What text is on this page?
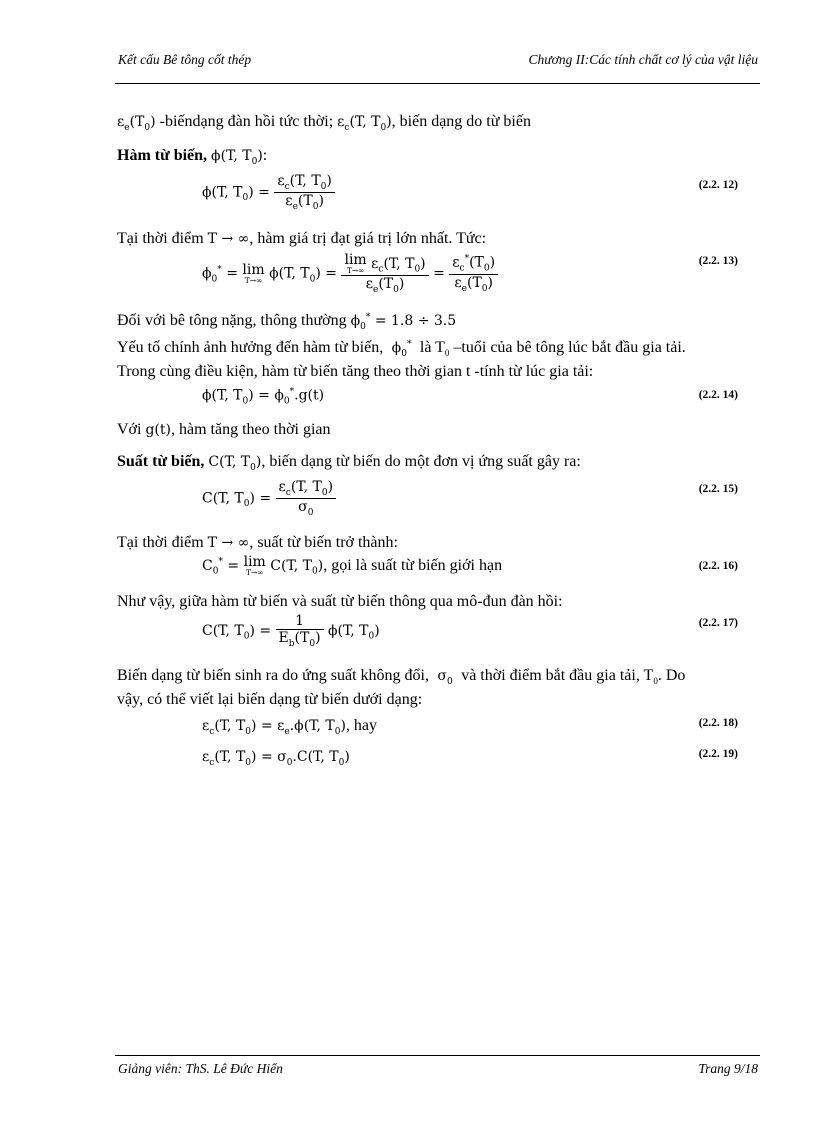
Kết cấu Bê tông cốt thép	Chương II:Các tính chất cơ lý của vật liệu
$\varepsilon_e(T_0)$ -biếndạng đàn hồi tức thời; $\varepsilon_c(T$, $T_0$), biến dạng do từ biến
Hàm từ biến, ϕ(T, $T_0$):
ϕ(T, $T_0) = \frac{\varepsilon_c(T, T_0)}{\varepsilon_e(T_0)}$	(2.2. 12)
Tại thời điểm T → ∞, hàm giá trị đạt giá trị lớn nhất. Tức:
$\phi_0^* = \lim$
T→∞ ϕ(T, $T_0) = \lim$
T→∞ $\varepsilon_c(T$, $T_0$)
$\varepsilon_e(T_0) = \frac{\varepsilon_c^*(T_0)}{\varepsilon_e(T_0)}$	(2.2. 13)
Đối với bê tông nặng, thông thường $\phi_0^* = 1.8 \div 3.5$
Yếu tố chính ảnh hưởng đến hàm từ biến,  $\phi_0^*$ là $T_0$ –tuổi của bê tông lúc bắt đầu gia tải.
Trong cùng điều kiện, hàm từ biến tăng theo thời gian t -tính từ lúc gia tải:
ϕ(T, $T_0) = \phi_0^*.g(t)$	(2.2. 14)
Với g(t), hàm tăng theo thời gian
Suất từ biến, C(T, $T_0$), biến dạng từ biến do một đơn vị ứng suất gây ra:
C(T, $T_0) = \frac{\varepsilon_c(T, T_0)}{\sigma_0}$	(2.2. 15)
Tại thời điểm T → ∞, suất từ biến trở thành:
$C_0^* = \lim$
T→∞ C(T, $T_0$), gọi là suất từ biến giới hạn	(2.2. 16)
Như vậy, giữa hàm từ biến và suất từ biến thông qua mô-đun đàn hồi:
C(T, $T_0) = \frac{1}{E_b(T_0)} \phi(T$, $T_0$)	(2.2. 17)
Biến dạng từ biến sinh ra do ứng suất không đổi,  $\sigma_0$ và thời điểm bắt đầu gia tải, $T_0$. Do
vậy, có thể viết lại biến dạng từ biến dưới dạng:
$\varepsilon_c(T$, $T_0) = \varepsilon_e.\phi(T$, $T_0$), hay	(2.2. 18)
$\varepsilon_c(T$, $T_0) = \sigma_0.C(T$, $T_0$)	(2.2. 19)
Giảng viên: ThS. Lê Đức Hiển	Trang 9/18
